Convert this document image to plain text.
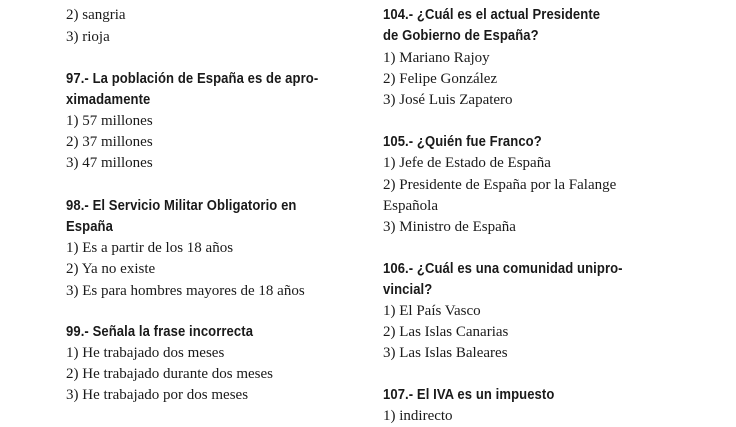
2) sangria
3) rioja
97.- La población de España es de apro-
ximadamente
1) 57 millones
2) 37 millones
3) 47 millones
98.- El Servicio Militar Obligatorio en
España
1) Es a partir de los 18 años
2) Ya no existe
3) Es para hombres mayores de 18 años
99.- Señala la frase incorrecta
1) He trabajado dos meses
2) He trabajado durante dos meses
3) He trabajado por dos meses
104.- ¿Cuál es el actual Presidente
de Gobierno de España?
1) Mariano Rajoy
2) Felipe González
3) José Luis Zapatero
105.- ¿Quién fue Franco?
1) Jefe de Estado de España
2) Presidente de España por la Falange
Española
3) Ministro de España
106.- ¿Cuál es una comunidad unipro-
vincial?
1) El País Vasco
2) Las Islas Canarias
3) Las Islas Baleares
107.- El IVA es un impuesto
1) indirecto
